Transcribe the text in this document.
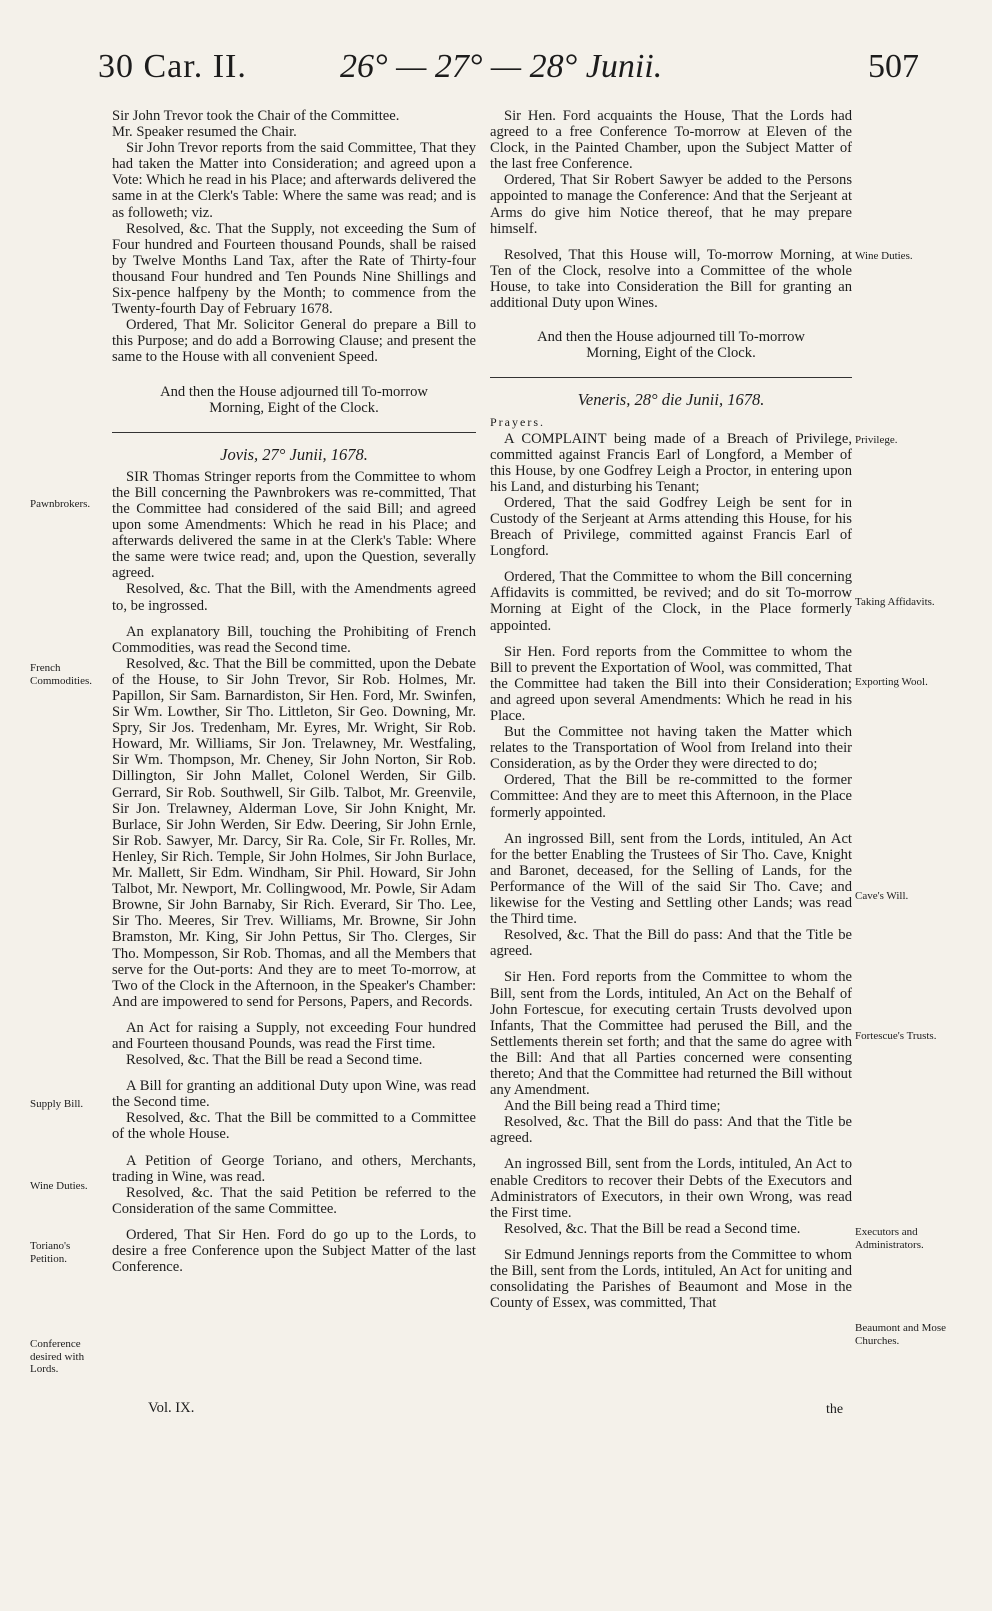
30 Car. II.	26° — 27° — 28° Junii.	507
Pawnbrokers.
French Commodities.
Supply Bill.
Wine Duties.
Toriano's Petition.
Conference desired with Lords.
Wine Duties.
Privilege.
Taking Affidavits.
Exporting Wool.
Cave's Will.
Fortescue's Trusts.
Executors and Administrators.
Beaumont and Mose Churches.

Sir John Trevor took the Chair of the Committee.

Mr. Speaker resumed the Chair.

Sir John Trevor reports from the said Committee, That they had taken the Matter into Consideration; and agreed upon a Vote: Which he read in his Place; and afterwards delivered the same in at the Clerk's Table: Where the same was read; and is as followeth; viz.

Resolved, &c. That the Supply, not exceeding the Sum of Four hundred and Fourteen thousand Pounds, shall be raised by Twelve Months Land Tax, after the Rate of Thirty-four thousand Four hundred and Ten Pounds Nine Shillings and Six-pence halfpeny by the Month; to commence from the Twenty-fourth Day of February 1678.

Ordered, That Mr. Solicitor General do prepare a Bill to this Purpose; and do add a Borrowing Clause; and present the same to the House with all convenient Speed.

And then the House adjourned till To-morrow Morning, Eight of the Clock.

Jovis, 27° Junii, 1678.

SIR Thomas Stringer reports from the Committee to whom the Bill concerning the Pawnbrokers was re-committed, That the Committee had considered of the said Bill; and agreed upon some Amendments: Which he read in his Place; and afterwards delivered the same in at the Clerk's Table: Where the same were twice read; and, upon the Question, severally agreed.

Resolved, &c. That the Bill, with the Amendments agreed to, be ingrossed.

An explanatory Bill, touching the Prohibiting of French Commodities, was read the Second time.

Resolved, &c. That the Bill be committed, upon the Debate of the House, to Sir John Trevor, Sir Rob. Holmes, Mr. Papillon, Sir Sam. Barnardiston, Sir Hen. Ford, Mr. Swinfen, Sir Wm. Lowther, Sir Tho. Littleton, Sir Geo. Downing, Mr. Spry, Sir Jos. Tredenham, Mr. Eyres, Mr. Wright, Sir Rob. Howard, Mr. Williams, Sir Jon. Trelawney, Mr. Westfaling, Sir Wm. Thompson, Mr. Cheney, Sir John Norton, Sir Rob. Dillington, Sir John Mallet, Colonel Werden, Sir Gilb. Gerrard, Sir Rob. Southwell, Sir Gilb. Talbot, Mr. Greenvile, Sir Jon. Trelawney, Alderman Love, Sir John Knight, Mr. Burlace, Sir John Werden, Sir Edw. Deering, Sir John Ernle, Sir Rob. Sawyer, Mr. Darcy, Sir Ra. Cole, Sir Fr. Rolles, Mr. Henley, Sir Rich. Temple, Sir John Holmes, Sir John Burlace, Mr. Mallett, Sir Edm. Windham, Sir Phil. Howard, Sir John Talbot, Mr. Newport, Mr. Collingwood, Mr. Powle, Sir Adam Browne, Sir John Barnaby, Sir Rich. Everard, Sir Tho. Lee, Sir Tho. Meeres, Sir Trev. Williams, Mr. Browne, Sir John Bramston, Mr. King, Sir John Pettus, Sir Tho. Clerges, Sir Tho. Mompesson, Sir Rob. Thomas, and all the Members that serve for the Out-ports: And they are to meet To-morrow, at Two of the Clock in the Afternoon, in the Speaker's Chamber: And are impowered to send for Persons, Papers, and Records.

An Act for raising a Supply, not exceeding Four hundred and Fourteen thousand Pounds, was read the First time.

Resolved, &c. That the Bill be read a Second time.

A Bill for granting an additional Duty upon Wine, was read the Second time.

Resolved, &c. That the Bill be committed to a Committee of the whole House.

A Petition of George Toriano, and others, Merchants, trading in Wine, was read.

Resolved, &c. That the said Petition be referred to the Consideration of the same Committee.

Ordered, That Sir Hen. Ford do go up to the Lords, to desire a free Conference upon the Subject Matter of the last Conference.

Vol. IX.

Sir Hen. Ford acquaints the House, That the Lords had agreed to a free Conference To-morrow at Eleven of the Clock, in the Painted Chamber, upon the Subject Matter of the last free Conference.

Ordered, That Sir Robert Sawyer be added to the Persons appointed to manage the Conference: And that the Serjeant at Arms do give him Notice thereof, that he may prepare himself.

Resolved, That this House will, To-morrow Morning, at Ten of the Clock, resolve into a Committee of the whole House, to take into Consideration the Bill for granting an additional Duty upon Wines.

And then the House adjourned till To-morrow Morning, Eight of the Clock.

Veneris, 28° die Junii, 1678.

Prayers.

A COMPLAINT being made of a Breach of Privilege, committed against Francis Earl of Longford, a Member of this House, by one Godfrey Leigh a Proctor, in entering upon his Land, and disturbing his Tenant;

Ordered, That the said Godfrey Leigh be sent for in Custody of the Serjeant at Arms attending this House, for his Breach of Privilege, committed against Francis Earl of Longford.

Ordered, That the Committee to whom the Bill concerning Affidavits is committed, be revived; and do sit To-morrow Morning at Eight of the Clock, in the Place formerly appointed.

Sir Hen. Ford reports from the Committee to whom the Bill to prevent the Exportation of Wool, was committed, That the Committee had taken the Bill into their Consideration; and agreed upon several Amendments: Which he read in his Place.

But the Committee not having taken the Matter which relates to the Transportation of Wool from Ireland into their Consideration, as by the Order they were directed to do;

Ordered, That the Bill be re-committed to the former Committee: And they are to meet this Afternoon, in the Place formerly appointed.

An ingrossed Bill, sent from the Lords, intituled, An Act for the better Enabling the Trustees of Sir Tho. Cave, Knight and Baronet, deceased, for the Selling of Lands, for the Performance of the Will of the said Sir Tho. Cave; and likewise for the Vesting and Settling other Lands; was read the Third time.

Resolved, &c. That the Bill do pass: And that the Title be agreed.

Sir Hen. Ford reports from the Committee to whom the Bill, sent from the Lords, intituled, An Act on the Behalf of John Fortescue, for executing certain Trusts devolved upon Infants, That the Committee had perused the Bill, and the Settlements therein set forth; and that the same do agree with the Bill: And that all Parties concerned were consenting thereto; And that the Committee had returned the Bill without any Amendment.

And the Bill being read a Third time;

Resolved, &c. That the Bill do pass: And that the Title be agreed.

An ingrossed Bill, sent from the Lords, intituled, An Act to enable Creditors to recover their Debts of the Executors and Administrators of Executors, in their own Wrong, was read the First time.

Resolved, &c. That the Bill be read a Second time.

Sir Edmund Jennings reports from the Committee to whom the Bill, sent from the Lords, intituled, An Act for uniting and consolidating the Parishes of Beaumont and Mose in the County of Essex, was committed, That

the
